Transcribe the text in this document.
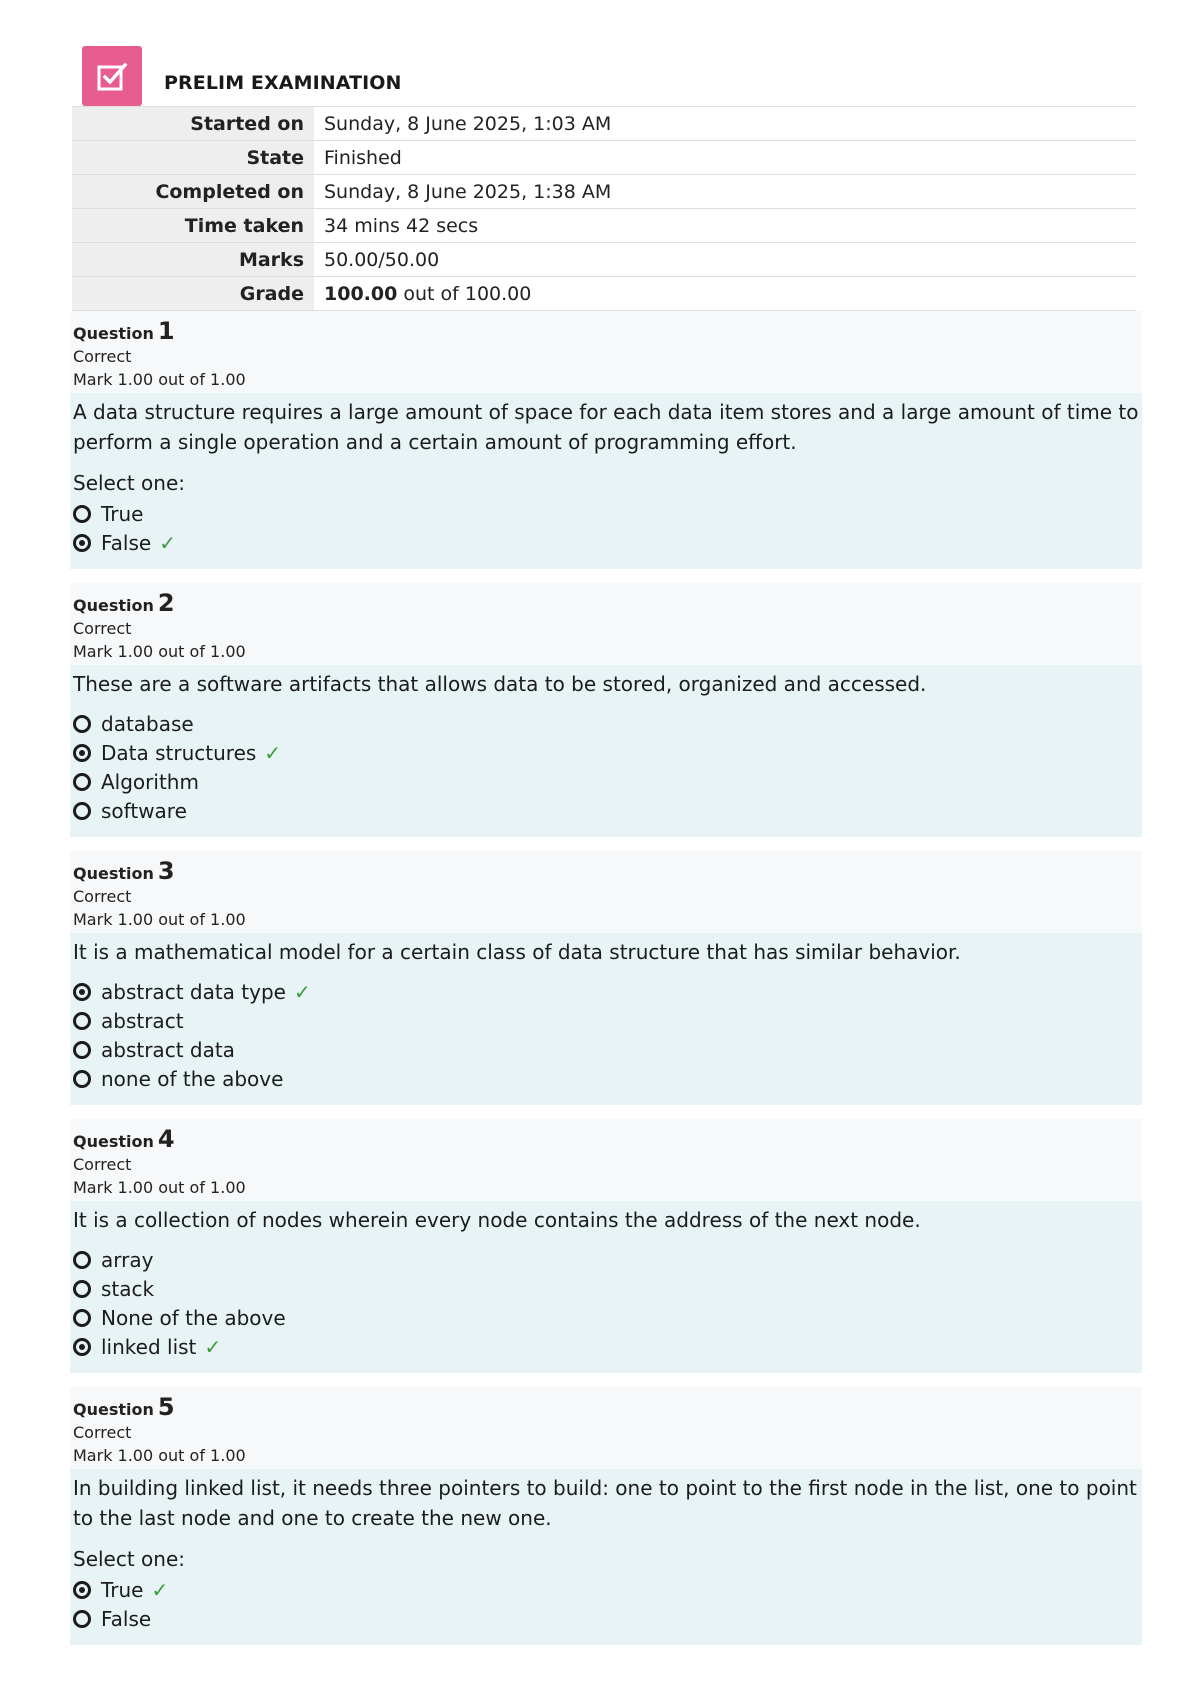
PRELIM EXAMINATION
Started on	Sunday, 8 June 2025, 1:03 AM
State	Finished
Completed on	Sunday, 8 June 2025, 1:38 AM
Time taken	34 mins 42 secs
Marks	50.00/50.00
Grade	100.00 out of 100.00
Question 1
Correct
Mark 1.00 out of 1.00
A data structure requires a large amount of space for each data item stores and a large amount of time to perform a single operation and a certain amount of programming effort.
Select one:
True
False ✓
Question 2
Correct
Mark 1.00 out of 1.00
These are a software artifacts that allows data to be stored, organized and accessed.
database
Data structures ✓
Algorithm
software
Question 3
Correct
Mark 1.00 out of 1.00
It is a mathematical model for a certain class of data structure that has similar behavior.
abstract data type ✓
abstract
abstract data
none of the above
Question 4
Correct
Mark 1.00 out of 1.00
It is a collection of nodes wherein every node contains the address of the next node.
array
stack
None of the above
linked list ✓
Question 5
Correct
Mark 1.00 out of 1.00
In building linked list, it needs three pointers to build: one to point to the first node in the list, one to point to the last node and one to create the new one.
Select one:
True ✓
False
